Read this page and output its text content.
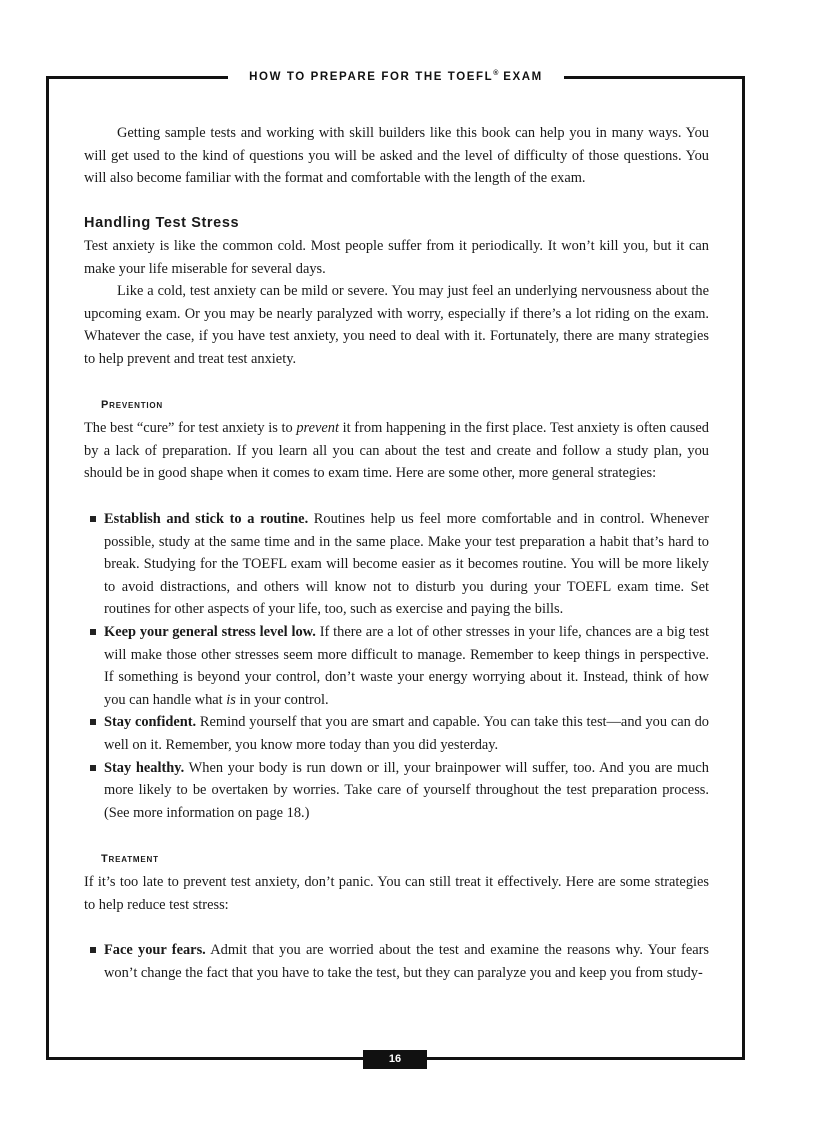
HOW TO PREPARE FOR THE TOEFL® EXAM

Getting sample tests and working with skill builders like this book can help you in many ways. You will get used to the kind of questions you will be asked and the level of difficulty of those questions. You will also become familiar with the format and comfortable with the length of the exam.

Handling Test Stress

Test anxiety is like the common cold. Most people suffer from it periodically. It won’t kill you, but it can make your life miserable for several days.

Like a cold, test anxiety can be mild or severe. You may just feel an underlying nervousness about the upcoming exam. Or you may be nearly paralyzed with worry, especially if there’s a lot riding on the exam. Whatever the case, if you have test anxiety, you need to deal with it. Fortunately, there are many strategies to help prevent and treat test anxiety.

Prevention

The best “cure” for test anxiety is to prevent it from happening in the first place. Test anxiety is often caused by a lack of preparation. If you learn all you can about the test and create and follow a study plan, you should be in good shape when it comes to exam time. Here are some other, more general strategies:

Establish and stick to a routine. Routines help us feel more comfortable and in control. Whenever possible, study at the same time and in the same place. Make your test preparation a habit that’s hard to break. Studying for the TOEFL exam will become easier as it becomes routine. You will be more likely to avoid distractions, and others will know not to disturb you during your TOEFL exam time. Set routines for other aspects of your life, too, such as exercise and paying the bills.
Keep your general stress level low. If there are a lot of other stresses in your life, chances are a big test will make those other stresses seem more difficult to manage. Remember to keep things in perspective. If something is beyond your control, don’t waste your energy worrying about it. Instead, think of how you can handle what is in your control.
Stay confident. Remind yourself that you are smart and capable. You can take this test—and you can do well on it. Remember, you know more today than you did yesterday.
Stay healthy. When your body is run down or ill, your brainpower will suffer, too. And you are much more likely to be overtaken by worries. Take care of yourself throughout the test preparation process. (See more information on page 18.)
Treatment

If it’s too late to prevent test anxiety, don’t panic. You can still treat it effectively. Here are some strategies to help reduce test stress:

Face your fears. Admit that you are worried about the test and examine the reasons why. Your fears won’t change the fact that you have to take the test, but they can paralyze you and keep you from study-
16
